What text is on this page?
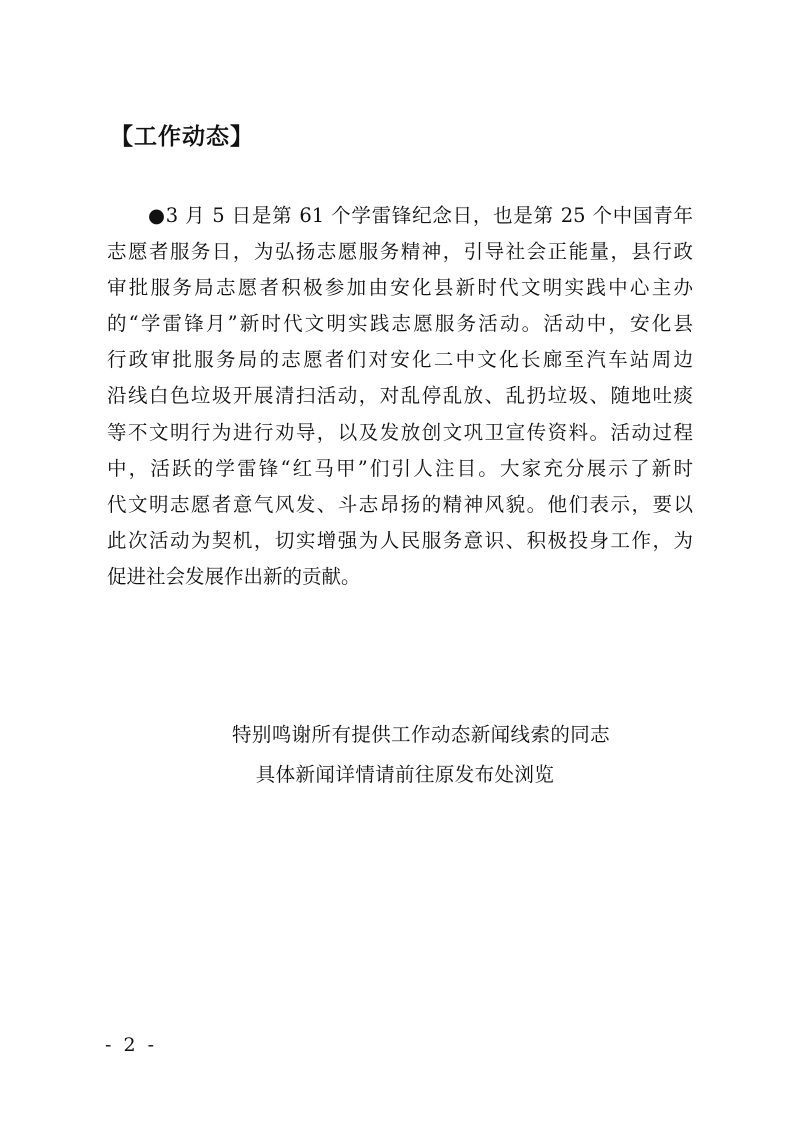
【工作动态】
●3 月 5 日是第 61 个学雷锋纪念日，也是第 25 个中国青年
志愿者服务日，为弘扬志愿服务精神，引导社会正能量，县行政
审批服务局志愿者积极参加由安化县新时代文明实践中心主办
的“学雷锋月”新时代文明实践志愿服务活动。活动中，安化县
行政审批服务局的志愿者们对安化二中文化长廊至汽车站周边
沿线白色垃圾开展清扫活动，对乱停乱放、乱扔垃圾、随地吐痰
等不文明行为进行劝导，以及发放创文巩卫宣传资料。活动过程
中，活跃的学雷锋“红马甲”们引人注目。大家充分展示了新时
代文明志愿者意气风发、斗志昂扬的精神风貌。他们表示，要以
此次活动为契机，切实增强为人民服务意识、积极投身工作，为
促进社会发展作出新的贡献。
特别鸣谢所有提供工作动态新闻线索的同志
具体新闻详情请前往原发布处浏览
- 2 -
